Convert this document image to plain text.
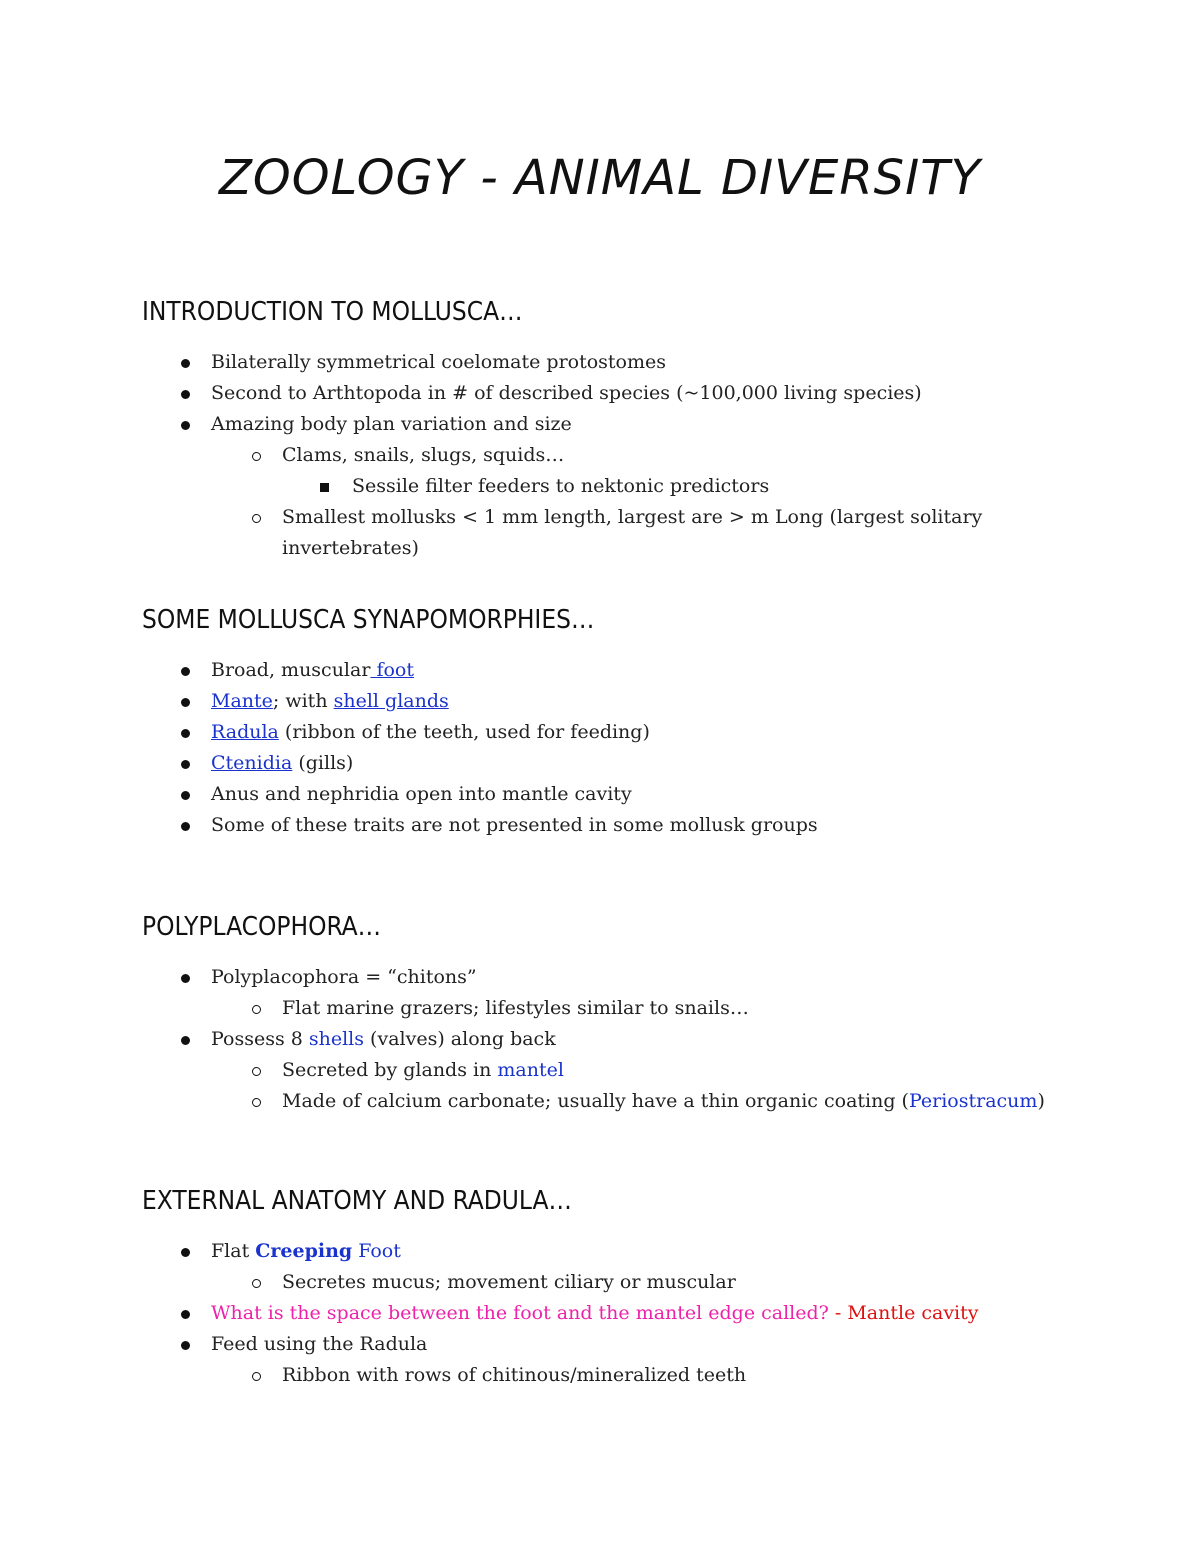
ZOOLOGY - ANIMAL DIVERSITY
INTRODUCTION TO MOLLUSCA…
Bilaterally symmetrical coelomate protostomes
Second to Arthtopoda in # of described species (~100,000 living species)
Amazing body plan variation and size
Clams, snails, slugs, squids…
Sessile filter feeders to nektonic predictors
Smallest mollusks < 1 mm length, largest are > m Long (largest solitary
invertebrates)
SOME MOLLUSCA SYNAPOMORPHIES…
Broad, muscular foot
Mante; with shell glands
Radula (ribbon of the teeth, used for feeding)
Ctenidia (gills)
Anus and nephridia open into mantle cavity
Some of these traits are not presented in some mollusk groups
POLYPLACOPHORA…
Polyplacophora = “chitons”
Flat marine grazers; lifestyles similar to snails…
Possess 8 shells (valves) along back
Secreted by glands in mantel
Made of calcium carbonate; usually have a thin organic coating (Periostracum)
EXTERNAL ANATOMY AND RADULA…
Flat Creeping Foot
Secretes mucus; movement ciliary or muscular
What is the space between the foot and the mantel edge called? - Mantle cavity
Feed using the Radula
Ribbon with rows of chitinous/mineralized teeth
